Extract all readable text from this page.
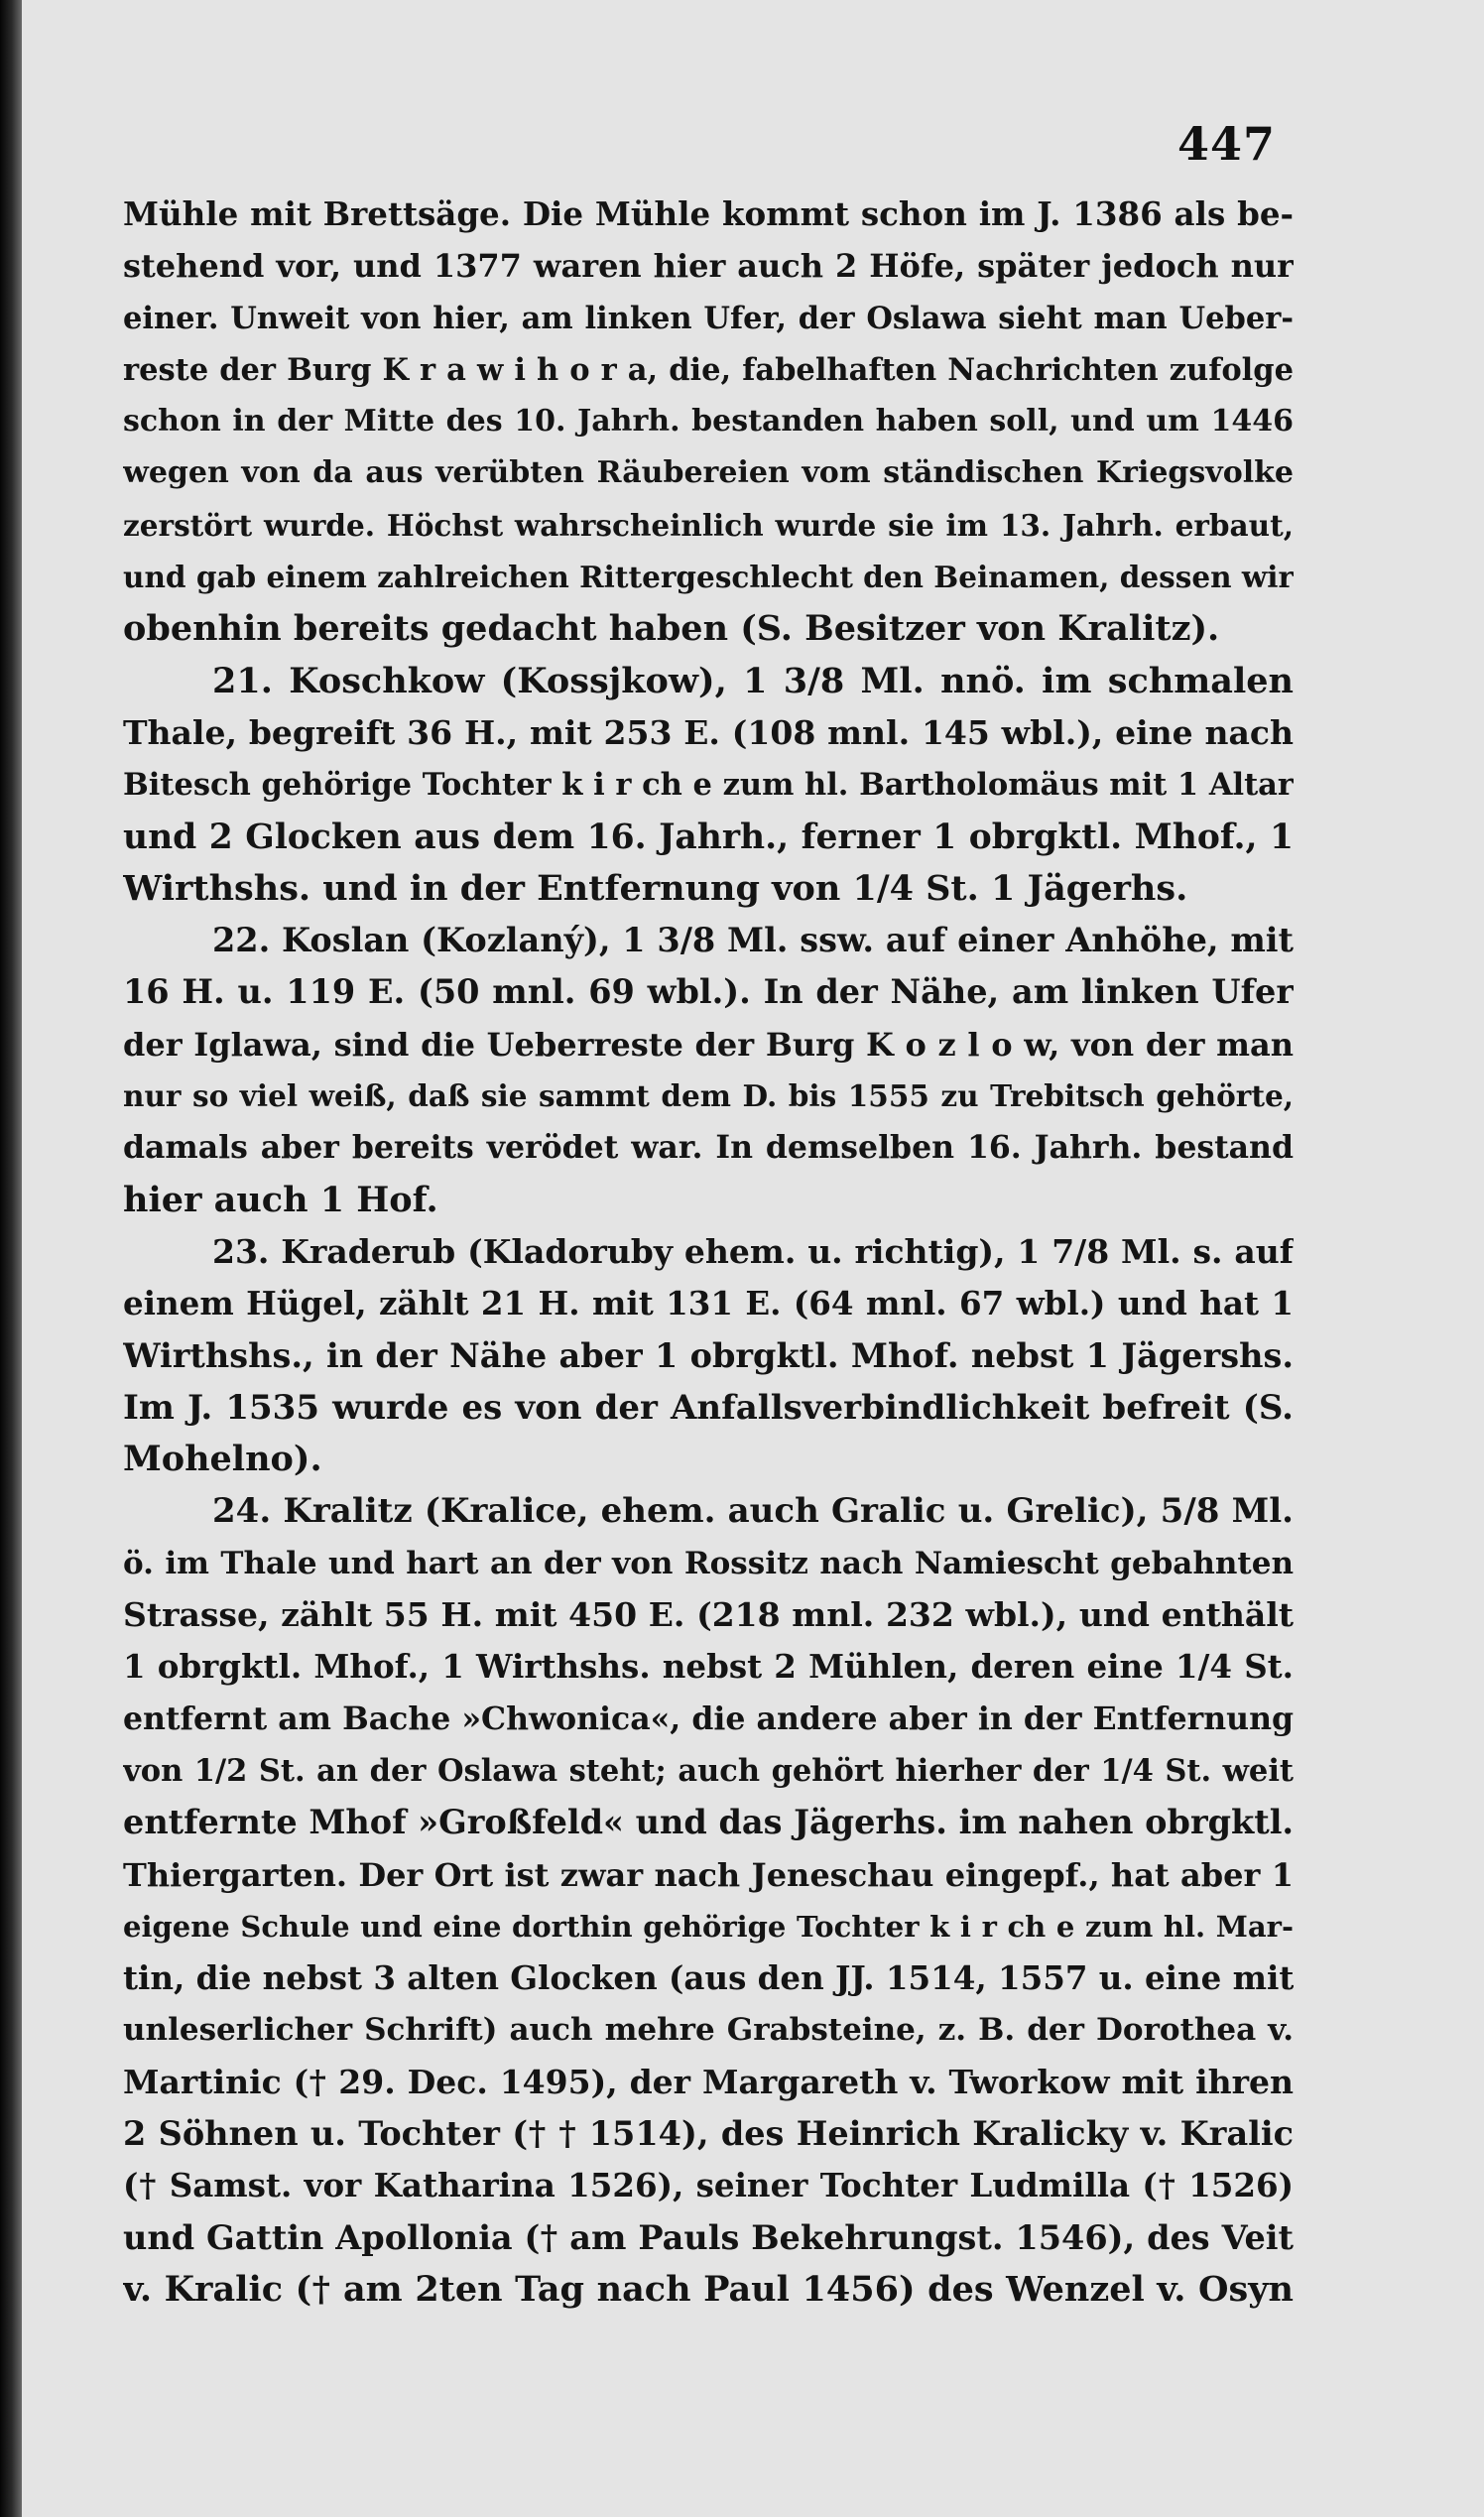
447
Mühle mit Brettsäge. Die Mühle kommt schon im J. 1386 als be-
stehend vor, und 1377 waren hier auch 2 Höfe, später jedoch nur
einer. Unweit von hier, am linken Ufer, der Oslawa sieht man Ueber-
reste der Burg K r a w i h o r a, die, fabelhaften Nachrichten zufolge
schon in der Mitte des 10. Jahrh. bestanden haben soll, und um 1446
wegen von da aus verübten Räubereien vom ständischen Kriegsvolke
zerstört wurde. Höchst wahrscheinlich wurde sie im 13. Jahrh. erbaut,
und gab einem zahlreichen Rittergeschlecht den Beinamen, dessen wir
obenhin bereits gedacht haben (S. Besitzer von Kralitz).
21. Koschkow (Kossjkow), 1 3/8 Ml. nnö. im schmalen
Thale, begreift 36 H., mit 253 E. (108 mnl. 145 wbl.), eine nach
Bitesch gehörige Tochter k i r ch e zum hl. Bartholomäus mit 1 Altar
und 2 Glocken aus dem 16. Jahrh., ferner 1 obrgktl. Mhof., 1
Wirthshs. und in der Entfernung von 1/4 St. 1 Jägerhs.
22. Koslan (Kozlaný), 1 3/8 Ml. ssw. auf einer Anhöhe, mit
16 H. u. 119 E. (50 mnl. 69 wbl.). In der Nähe, am linken Ufer
der Iglawa, sind die Ueberreste der Burg K o z l o w, von der man
nur so viel weiß, daß sie sammt dem D. bis 1555 zu Trebitsch gehörte,
damals aber bereits verödet war. In demselben 16. Jahrh. bestand
hier auch 1 Hof.
23. Kraderub (Kladoruby ehem. u. richtig), 1 7/8 Ml. s. auf
einem Hügel, zählt 21 H. mit 131 E. (64 mnl. 67 wbl.) und hat 1
Wirthshs., in der Nähe aber 1 obrgktl. Mhof. nebst 1 Jägershs.
Im J. 1535 wurde es von der Anfallsverbindlichkeit befreit (S.
Mohelno).
24. Kralitz (Kralice, ehem. auch Gralic u. Grelic), 5/8 Ml.
ö. im Thale und hart an der von Rossitz nach Namiescht gebahnten
Strasse, zählt 55 H. mit 450 E. (218 mnl. 232 wbl.), und enthält
1 obrgktl. Mhof., 1 Wirthshs. nebst 2 Mühlen, deren eine 1/4 St.
entfernt am Bache »Chwonica«, die andere aber in der Entfernung
von 1/2 St. an der Oslawa steht; auch gehört hierher der 1/4 St. weit
entfernte Mhof »Großfeld« und das Jägerhs. im nahen obrgktl.
Thiergarten. Der Ort ist zwar nach Jeneschau eingepf., hat aber 1
eigene Schule und eine dorthin gehörige Tochter k i r ch e zum hl. Mar-
tin, die nebst 3 alten Glocken (aus den JJ. 1514, 1557 u. eine mit
unleserlicher Schrift) auch mehre Grabsteine, z. B. der Dorothea v.
Martinic († 29. Dec. 1495), der Margareth v. Tworkow mit ihren
2 Söhnen u. Tochter († † 1514), des Heinrich Kralicky v. Kralic
(† Samst. vor Katharina 1526), seiner Tochter Ludmilla († 1526)
und Gattin Apollonia († am Pauls Bekehrungst. 1546), des Veit
v. Kralic († am 2ten Tag nach Paul 1456) des Wenzel v. Osyn
